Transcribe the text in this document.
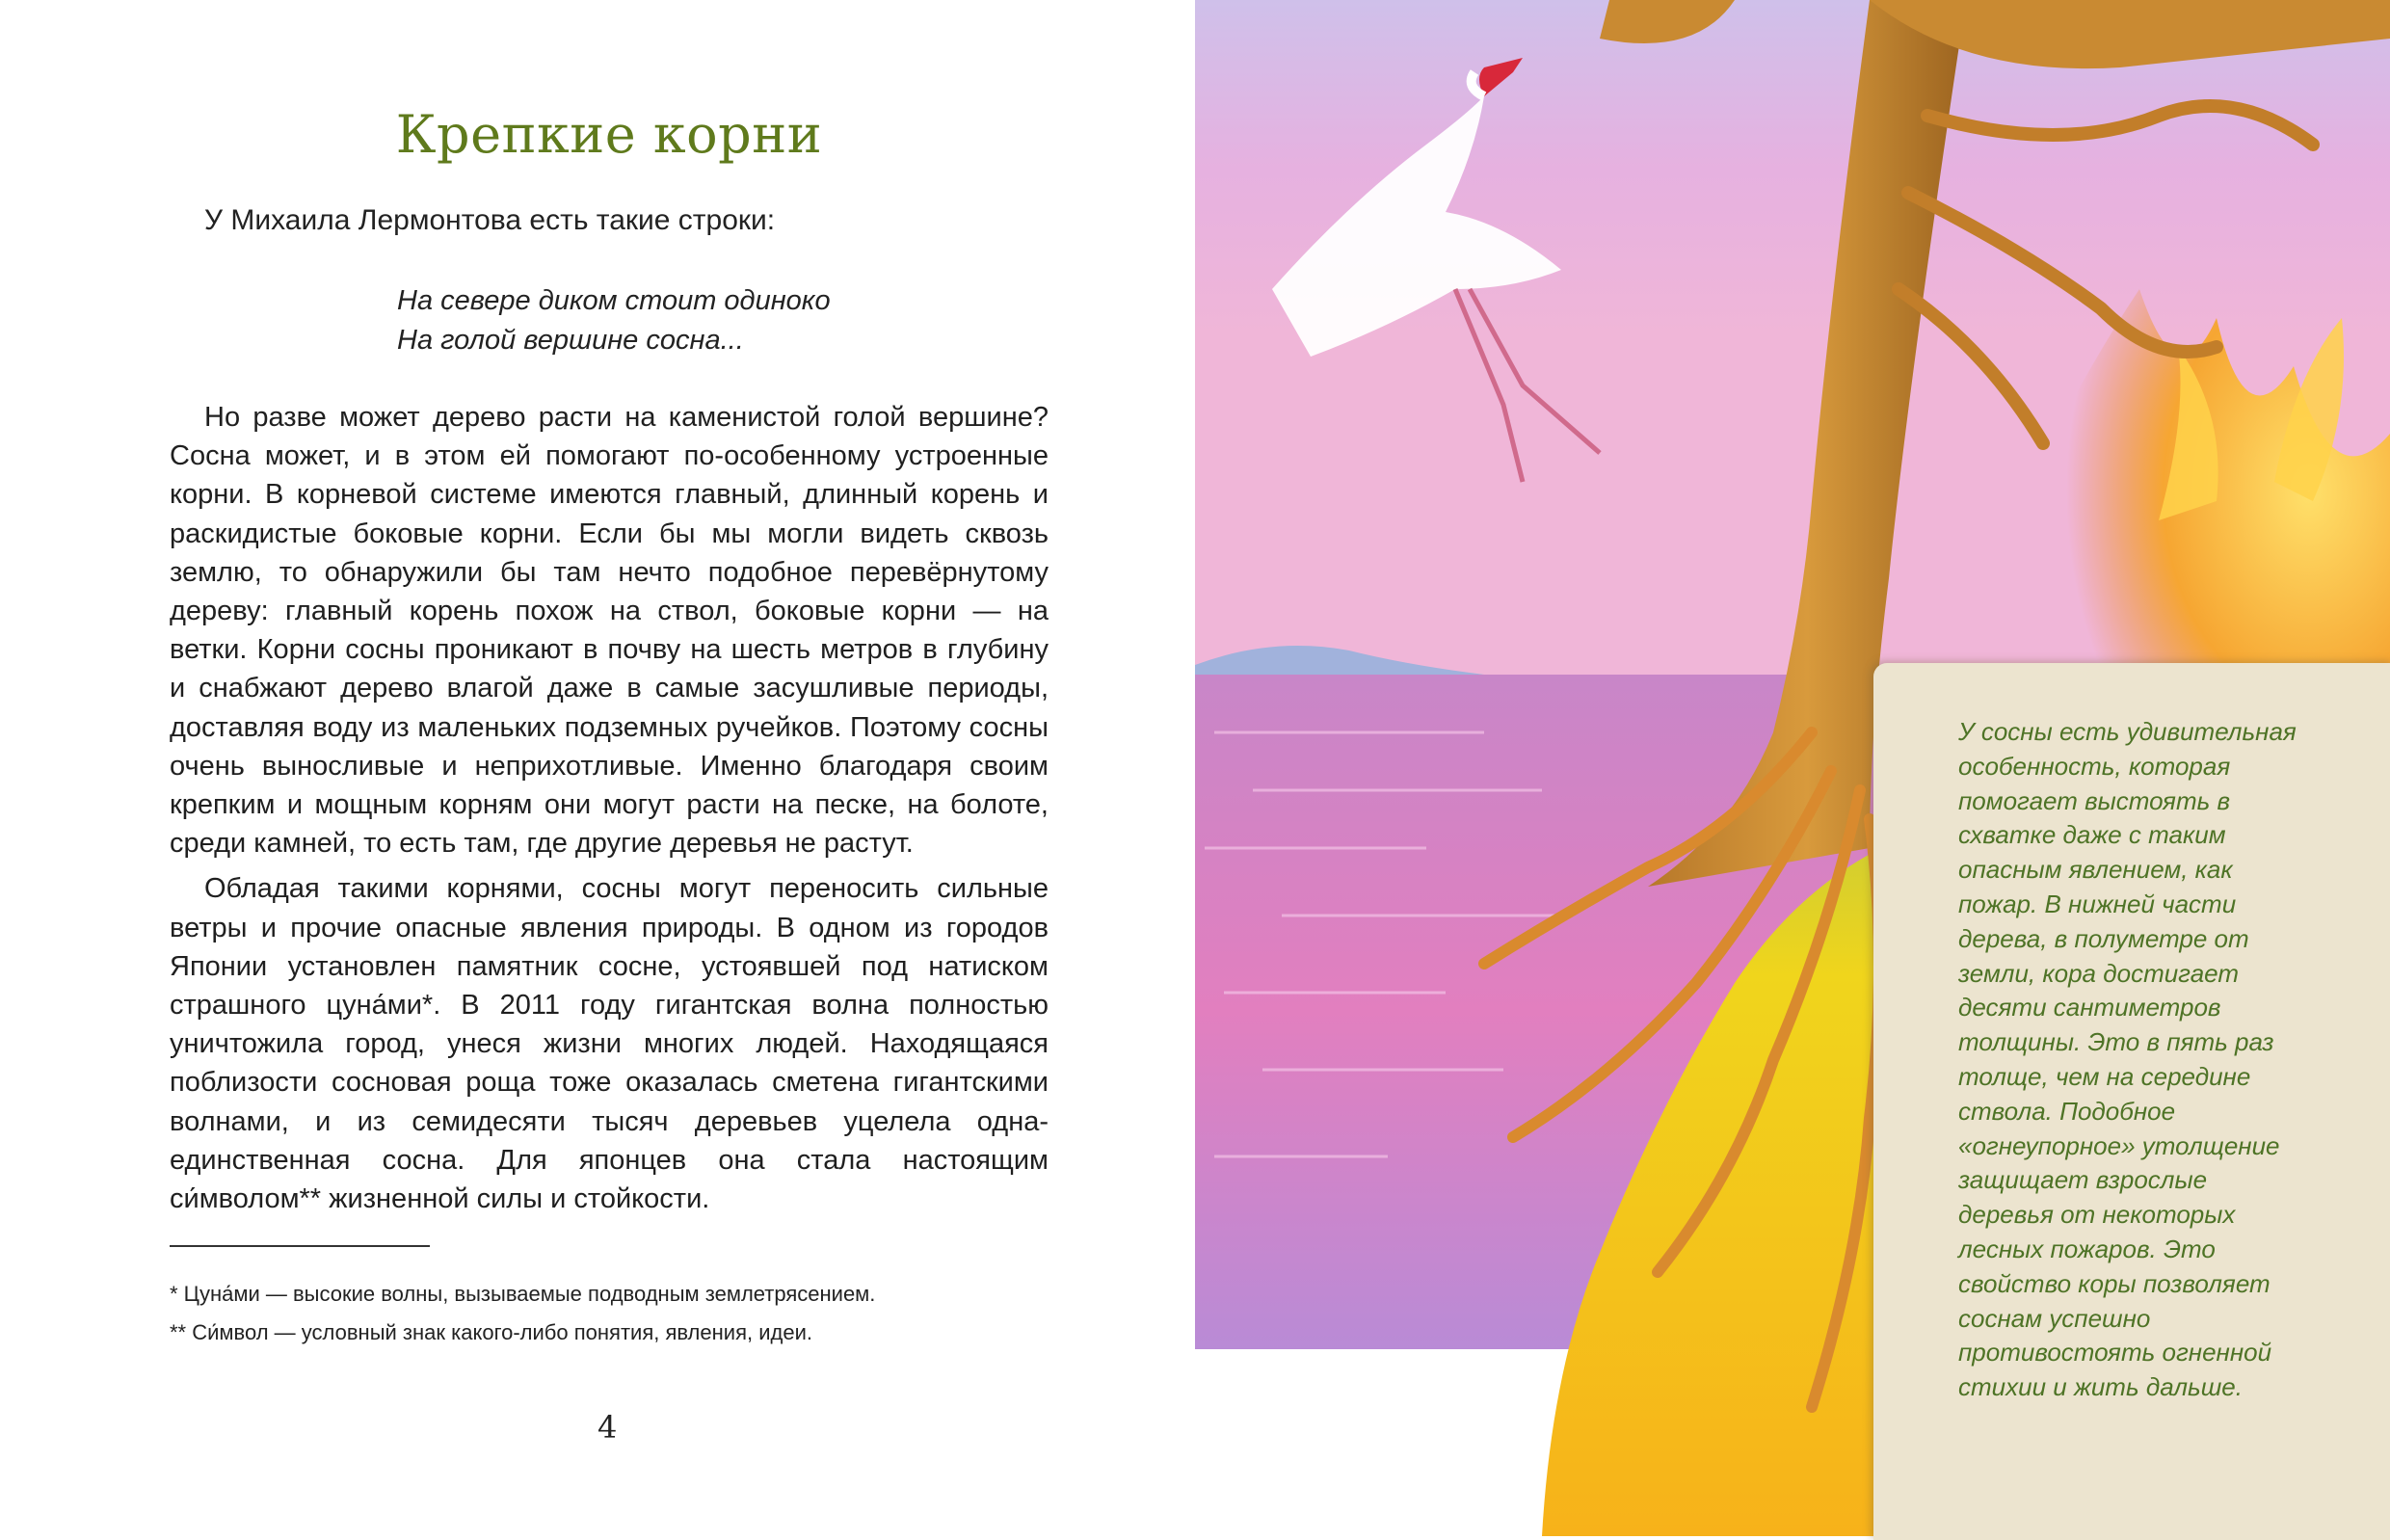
Крепкие корни
У Михаила Лермонтова есть такие строки:
На севере диком стоит одиноко
На голой вершине сосна...

Но разве может дерево расти на каменистой голой вершине? Сосна может, и в этом ей помогают по-особенному устроенные корни. В корневой системе имеются главный, длинный корень и раскидистые боковые корни. Если бы мы могли видеть сквозь землю, то обнаружили бы там нечто подобное перевёрнутому дереву: главный корень похож на ствол, боковые корни — на ветки. Корни сосны проникают в почву на шесть метров в глубину и снабжают дерево влагой даже в самые засушливые периоды, доставляя воду из маленьких подземных ручейков. Поэтому сосны очень выносливые и неприхотливые. Именно благодаря своим крепким и мощным корням они могут расти на песке, на болоте, среди камней, то есть там, где другие деревья не растут.

Обладая такими корнями, сосны могут переносить сильные ветры и прочие опасные явления природы. В одном из городов Японии установлен памятник сосне, устоявшей под натиском страшного цуна́ми*. В 2011 году гигантская волна полностью уничтожила город, унеся жизни многих людей. Находящаяся поблизости сосновая роща тоже оказалась сметена гигантскими волнами, и из семидесяти тысяч деревьев уцелела одна-единственная сосна. Для японцев она стала настоящим си́мволом** жизненной силы и стойкости.

* Цуна́ми — высокие волны, вызываемые подводным землетрясением.
** Си́мвол — условный знак какого-либо понятия, явления, идеи.
4
У сосны есть удивительная
особенность, которая
помогает выстоять в
схватке даже с таким
опасным явлением, как
пожар. В нижней части
дерева, в полуметре от
земли, кора достигает
десяти сантиметров
толщины. Это в пять раз
толще, чем на середине
ствола. Подобное
«огнеупорное» утолщение
защищает взрослые
деревья от некоторых
лесных пожаров. Это
свойство коры позволяет
соснам успешно
противостоять огненной
стихии и жить дальше.
